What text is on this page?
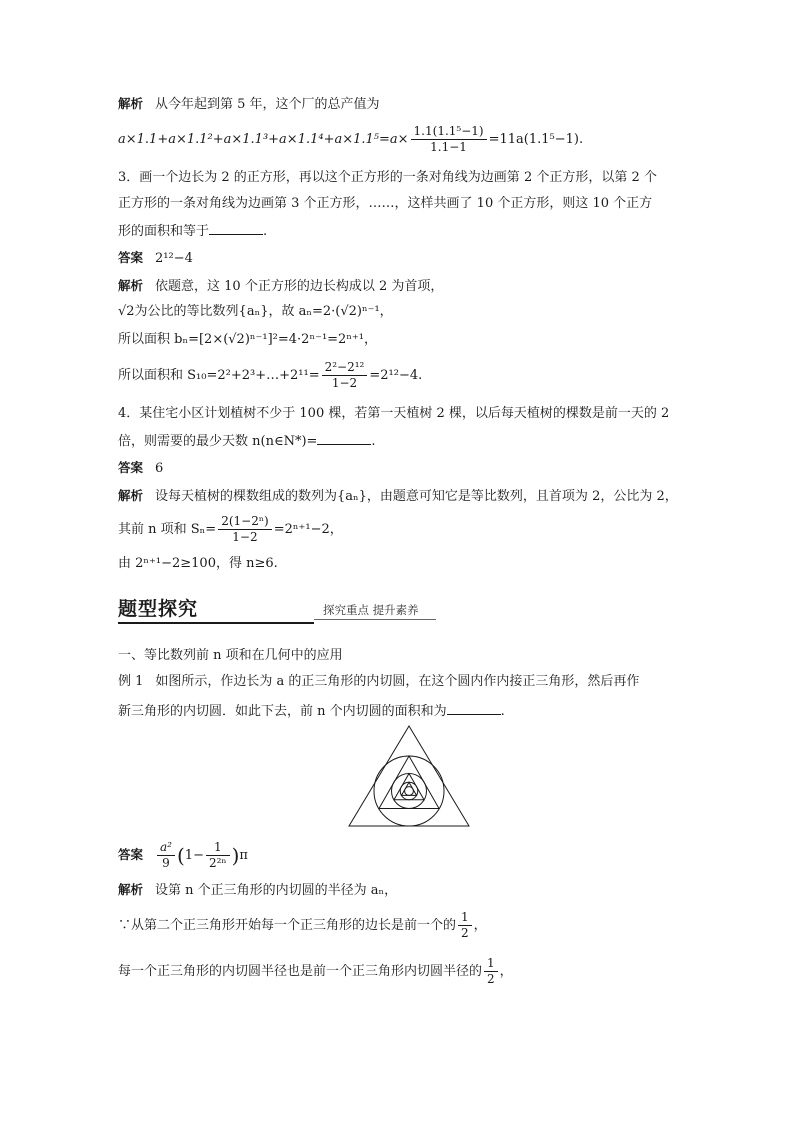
解析 从今年起到第 5 年，这个厂的总产值为
$a\times 1.1+a\times 1.1^2+a\times 1.1^3+a\times 1.1^4+a\times 1.1^5=a\times \frac{\text{1.1(1.1⁵−1)}}{1.1-1} =11a(1.1^5-1)$.
3．画一个边长为 2 的正方形，再以这个正方形的一条对角线为边画第 2 个正方形，以第 2 个
正方形的一条对角线为边画第 3 个正方形，……，这样共画了 10 个正方形，则这 10 个正方
形的面积和等于	.
答案 2¹²−4
解析 依题意，这 10 个正方形的边长构成以 2 为首项，
√2为公比的等比数列{aₙ}，故 aₙ=2·(√2)ⁿ⁻¹，
所以面积 bₙ=[2×(√2)ⁿ⁻¹]²=4·2ⁿ⁻¹=2ⁿ⁺¹，
所以面积和 S₁₀=2²+2³+…+2¹¹= $\frac{\text{2²−2¹²}}{1-2} =2^{12}-4$.
4．某住宅小区计划植树不少于 100 棵，若第一天植树 2 棵，以后每天植树的棵数是前一天的 2
倍，则需要的最少天数 n(n∈N*)=	.
答案 6
解析 设每天植树的棵数组成的数列为{aₙ}，由题意可知它是等比数列，且首项为 2，公比为 2，
其前 n 项和 $S_n= \frac{\text{2(1−2ⁿ)}}{1-2} =2^{n+1}-2$，
由 2ⁿ⁺¹−2≥100，得 n≥6.
题型探究	探究重点 提升素养
一、等比数列前 n 项和在几何中的应用
例 1 如图所示，作边长为 a 的正三角形的内切圆，在这个圆内作内接正三角形，然后再作
新三角形的内切圆．如此下去，前 n 个内切圆的面积和为	.
答案 $\frac{\text{a²}}{9} (1- \frac{1}{\text{2²ⁿ}} )\pi$
解析 设第 n 个正三角形的内切圆的半径为 aₙ，
∵从第二个正三角形开始每一个正三角形的边长是前一个的 $\frac{1}{2}$ ，
每一个正三角形的内切圆半径也是前一个正三角形内切圆半径的 $\frac{1}{2}$ ，
